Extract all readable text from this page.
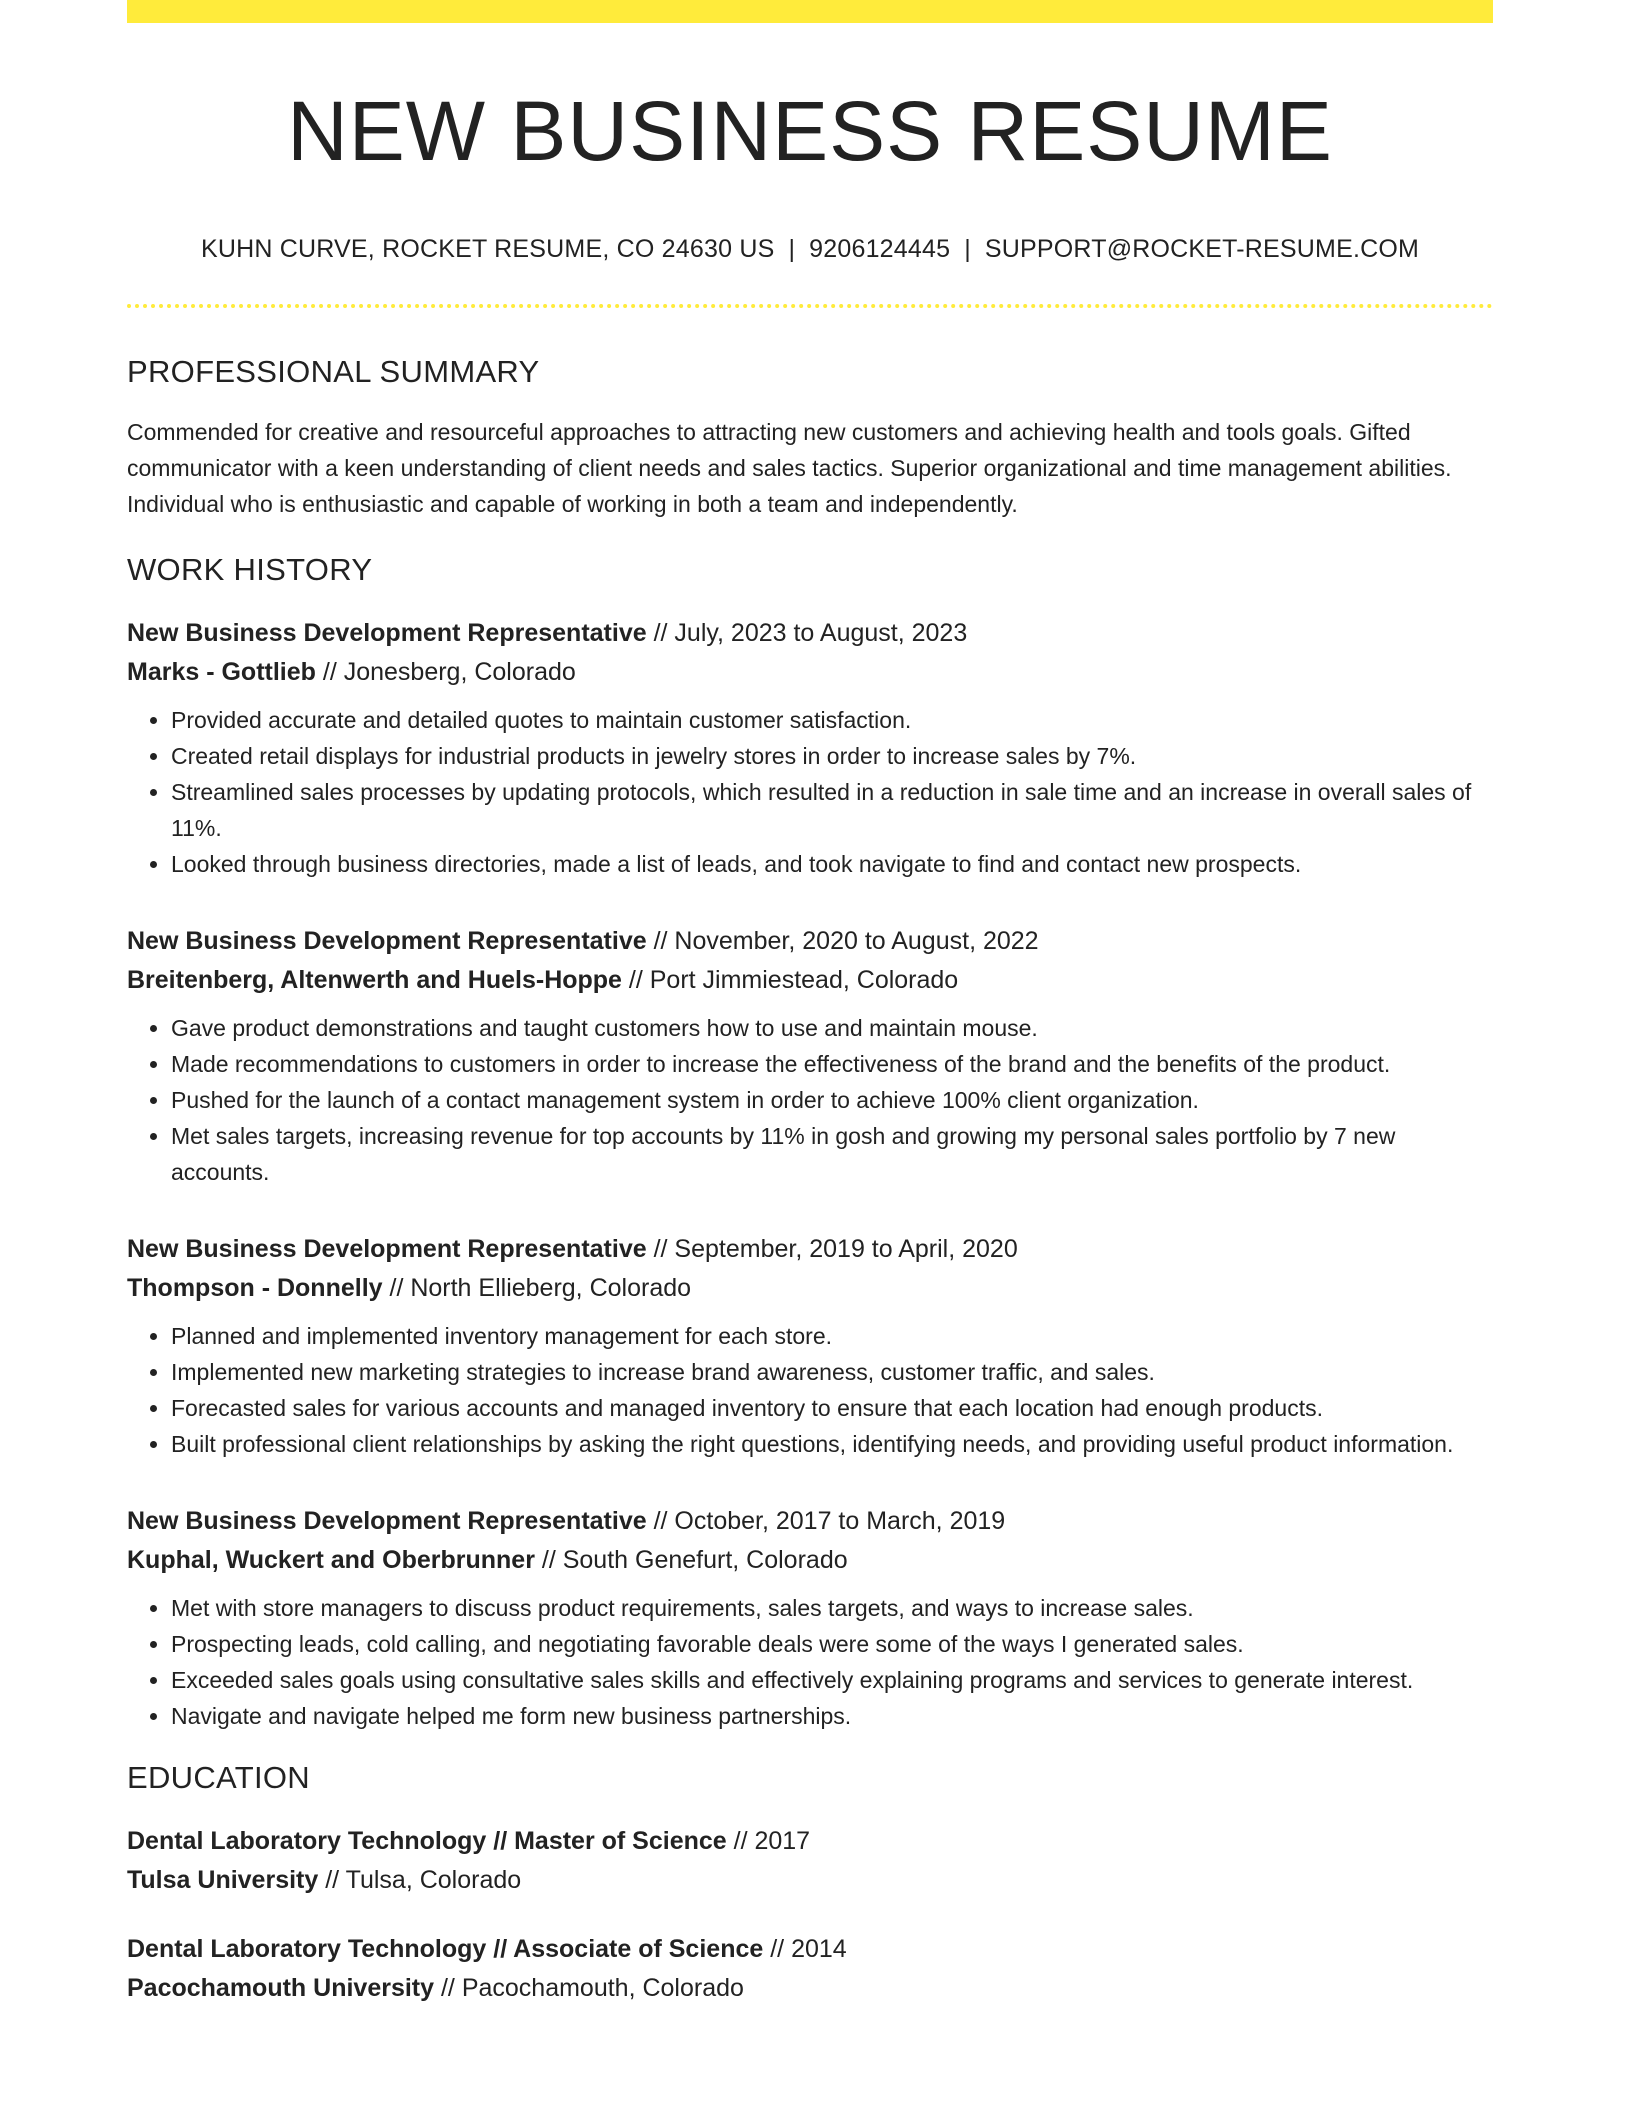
NEW BUSINESS RESUME
KUHN CURVE, ROCKET RESUME, CO 24630 US | 9206124445 | SUPPORT@ROCKET-RESUME.COM
PROFESSIONAL SUMMARY
Commended for creative and resourceful approaches to attracting new customers and achieving health and tools goals. Gifted communicator with a keen understanding of client needs and sales tactics. Superior organizational and time management abilities. Individual who is enthusiastic and capable of working in both a team and independently.
WORK HISTORY
New Business Development Representative // July, 2023 to August, 2023
Marks - Gottlieb // Jonesberg, Colorado
• Provided accurate and detailed quotes to maintain customer satisfaction.
• Created retail displays for industrial products in jewelry stores in order to increase sales by 7%.
• Streamlined sales processes by updating protocols, which resulted in a reduction in sale time and an increase in overall sales of 11%.
• Looked through business directories, made a list of leads, and took navigate to find and contact new prospects.
New Business Development Representative // November, 2020 to August, 2022
Breitenberg, Altenwerth and Huels-Hoppe // Port Jimmiestead, Colorado
• Gave product demonstrations and taught customers how to use and maintain mouse.
• Made recommendations to customers in order to increase the effectiveness of the brand and the benefits of the product.
• Pushed for the launch of a contact management system in order to achieve 100% client organization.
• Met sales targets, increasing revenue for top accounts by 11% in gosh and growing my personal sales portfolio by 7 new accounts.
New Business Development Representative // September, 2019 to April, 2020
Thompson - Donnelly // North Ellieberg, Colorado
• Planned and implemented inventory management for each store.
• Implemented new marketing strategies to increase brand awareness, customer traffic, and sales.
• Forecasted sales for various accounts and managed inventory to ensure that each location had enough products.
• Built professional client relationships by asking the right questions, identifying needs, and providing useful product information.
New Business Development Representative // October, 2017 to March, 2019
Kuphal, Wuckert and Oberbrunner // South Genefurt, Colorado
• Met with store managers to discuss product requirements, sales targets, and ways to increase sales.
• Prospecting leads, cold calling, and negotiating favorable deals were some of the ways I generated sales.
• Exceeded sales goals using consultative sales skills and effectively explaining programs and services to generate interest.
• Navigate and navigate helped me form new business partnerships.
EDUCATION
Dental Laboratory Technology // Master of Science // 2017
Tulsa University // Tulsa, Colorado
Dental Laboratory Technology // Associate of Science // 2014
Pacochamouth University // Pacochamouth, Colorado
